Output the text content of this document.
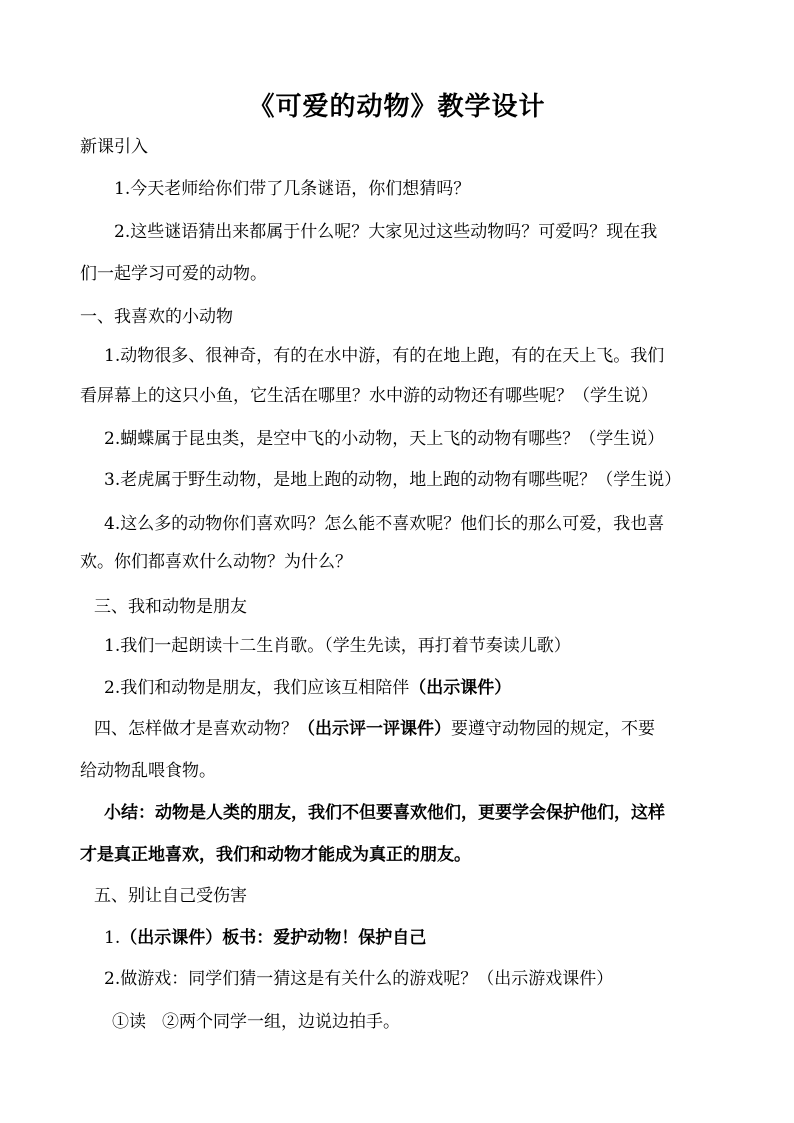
《可爱的动物》教学设计
新课引入
1.今天老师给你们带了几条谜语，你们想猜吗？
2.这些谜语猜出来都属于什么呢？大家见过这些动物吗？可爱吗？现在我
们一起学习可爱的动物。
一、我喜欢的小动物
1.动物很多、很神奇，有的在水中游，有的在地上跑，有的在天上飞。我们
看屏幕上的这只小鱼，它生活在哪里？水中游的动物还有哪些呢？（学生说）
2.蝴蝶属于昆虫类，是空中飞的小动物，天上飞的动物有哪些？（学生说）
3.老虎属于野生动物，是地上跑的动物，地上跑的动物有哪些呢？（学生说）
4.这么多的动物你们喜欢吗？怎么能不喜欢呢？他们长的那么可爱，我也喜
欢。你们都喜欢什么动物？为什么？
三、我和动物是朋友
1.我们一起朗读十二生肖歌。（学生先读，再打着节奏读儿歌）
2.我们和动物是朋友，我们应该互相陪伴（出示课件）
四、怎样做才是喜欢动物？（出示评一评课件）要遵守动物园的规定，不要
给动物乱喂食物。
小结：动物是人类的朋友，我们不但要喜欢他们，更要学会保护他们，这样
才是真正地喜欢，我们和动物才能成为真正的朋友。
五、别让自己受伤害
1.（出示课件）板书：爱护动物！保护自己
2.做游戏：同学们猜一猜这是有关什么的游戏呢？（出示游戏课件）
①读 ②两个同学一组，边说边拍手。
